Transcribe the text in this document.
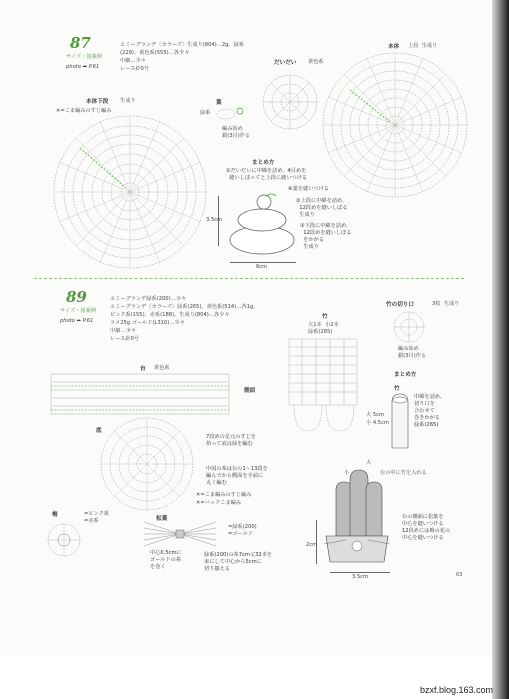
87
サイズ・図案例
photo ➡ P.61
エミーグランデ〈カラーズ〉生成り(804)…2g、緑系
(229)、黄色系(555)…各少々
中細…少々
レース針0号
だいだい 黄色系
本体 上段  生成り
本体下段 生成り
✕=こま編みのすじ編み
葉
緑系
編み始め
鎖(3目)作る
まとめ方
①だいだいに中綿を詰め、4目めを
縫いしぼってと上段に縫いつける
④葉を縫いつける
②上段に中綿を詰め、
12段めを縫いしぼる
生成り
③下段に中綿を詰め、
12段めを縫いしぼる
をかがる
生成り
3.5cm
6cm
89
サイズ・図案例
photo ➡ P.61
エミーグランデ緑系(200)…少々
エミーグランデ〈カラーズ〉緑系(265)、黄色系(514)…各1g、
ピンク系(155)、赤系(188)、生成り(804)…各少々
ラメ25g ゴールド(L310)…少々
中細…少々
レース針0号
竹の切り口	3枚  生成り
編み始め
鎖(3目)作る
竹
大1本  小2本
緑系(265)
台 黄色系
側面
底
7段めの足元のすじを
拾って底は緑を編む
まとめ方
竹
中綿を詰め、
切り口を
合わせて
巻きかがる
緑系(265)
大 5cm
小 4.5cm
中図の糸は台の1〜13段を
編んでから側面を手前に
丸く編む
✕=こま編みのすじ編み
✕=バックこま編み
梅	=ピンク系
=赤系	松葉
=緑系(200)
=ゴールド
中心0.5cmに
ゴールドの糸
を巻く
緑系(200)の糸7cm丈32本を
束にして中心から5cmに
切り揃える
台の中に竹を入れる
大
小
台の側面に松葉を
中心を縫いつける
12段めには梅の花の
中心を縫いつける
2cm
3.5cm	63
bzxf.blog.163.com
